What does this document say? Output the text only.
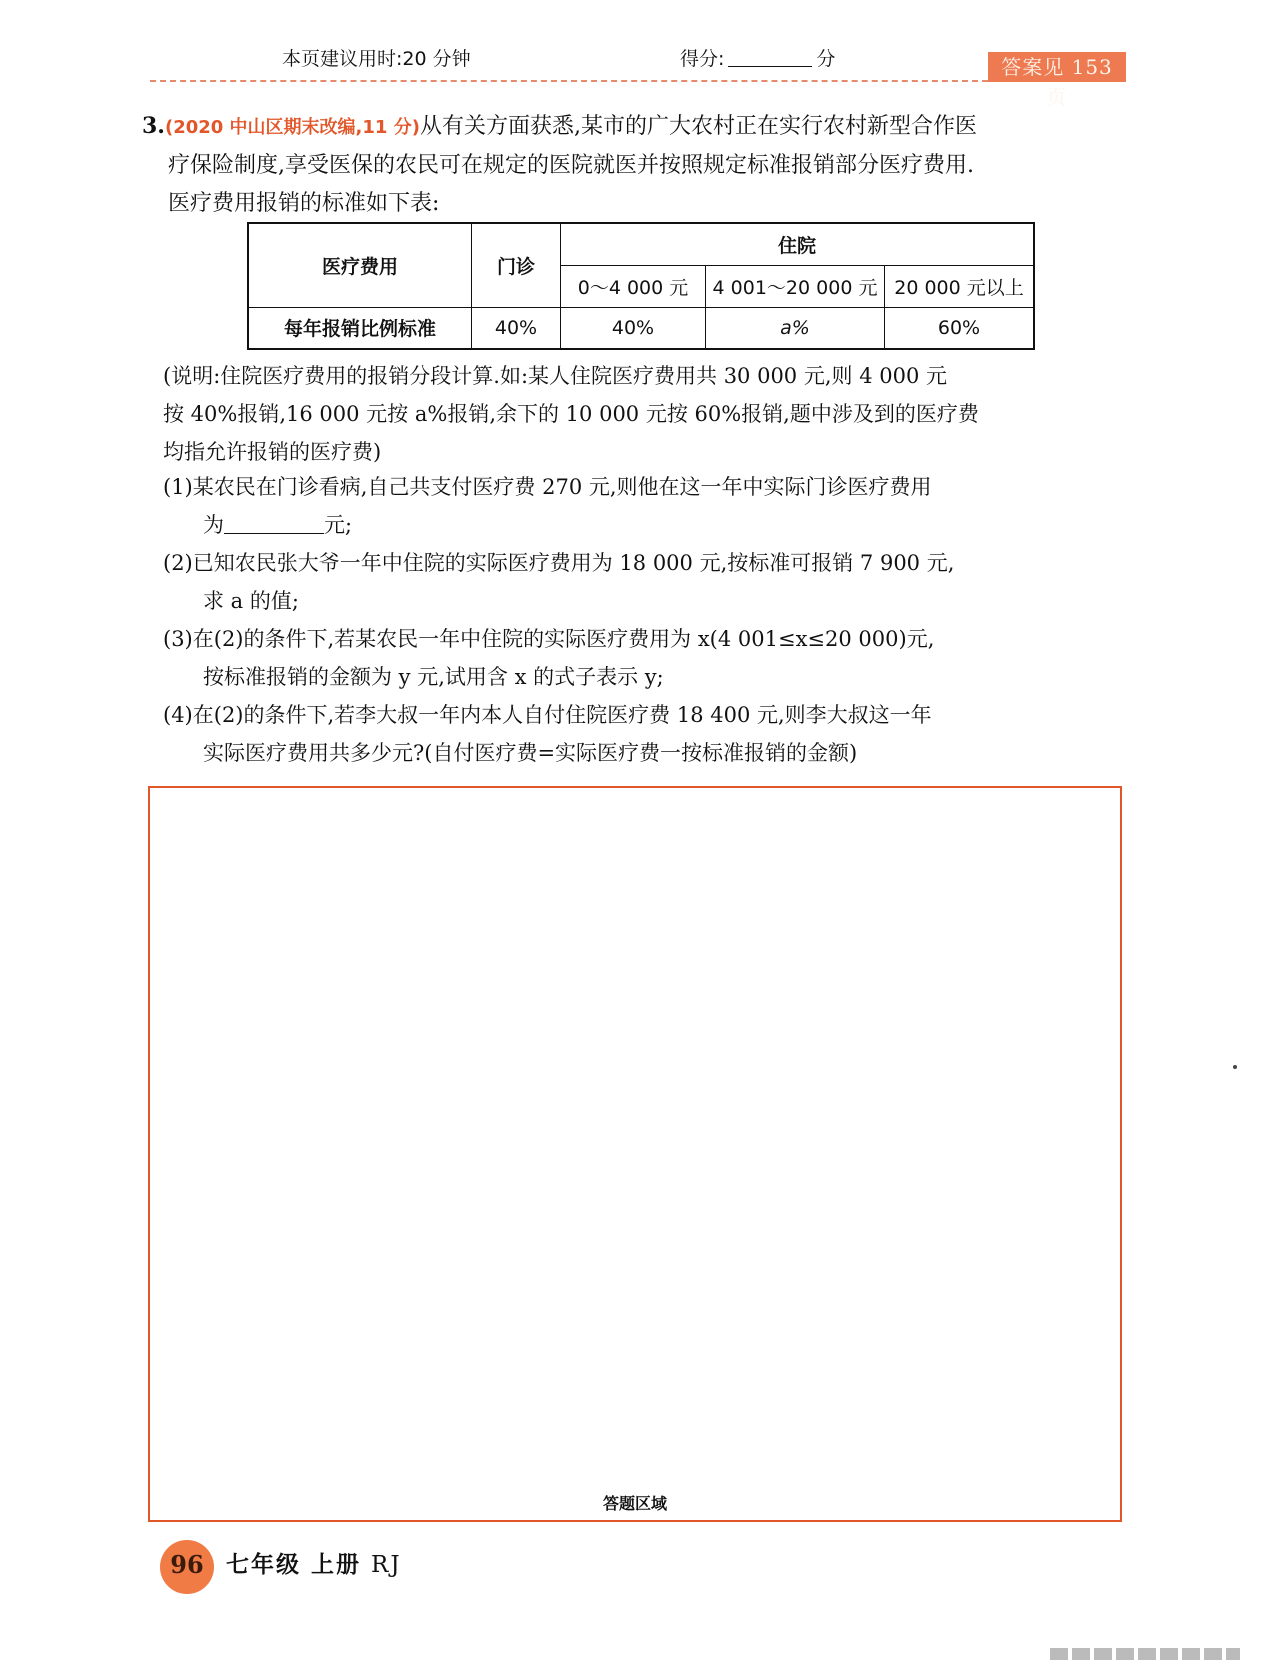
本页建议用时:20 分钟	得分:	分	答案见 153 页
3.(2020 中山区期末改编,11 分)从有关方面获悉,某市的广大农村正在实行农村新型合作医
疗保险制度,享受医保的农民可在规定的医院就医并按照规定标准报销部分医疗费用.
医疗费用报销的标准如下表:
医疗费用	门诊	住院		
		0～4 000 元	4 001～20 000 元	20 000 元以上
每年报销比例标准	40%	40%	a%	60%
(说明:住院医疗费用的报销分段计算.如:某人住院医疗费用共 30 000 元,则 4 000 元
按 40%报销,16 000 元按 a%报销,余下的 10 000 元按 60%报销,题中涉及到的医疗费
均指允许报销的医疗费)
(1)某农民在门诊看病,自己共支付医疗费 270 元,则他在这一年中实际门诊医疗费用
为	元;
(2)已知农民张大爷一年中住院的实际医疗费用为 18 000 元,按标准可报销 7 900 元,
求 a 的值;
(3)在(2)的条件下,若某农民一年中住院的实际医疗费用为 x(4 001≤x≤20 000)元,
按标准报销的金额为 y 元,试用含 x 的式子表示 y;
(4)在(2)的条件下,若李大叔一年内本人自付住院医疗费 18 400 元,则李大叔这一年
实际医疗费用共多少元?(自付医疗费=实际医疗费一按标准报销的金额)
答题区域
96 七年级 上册 RJ
